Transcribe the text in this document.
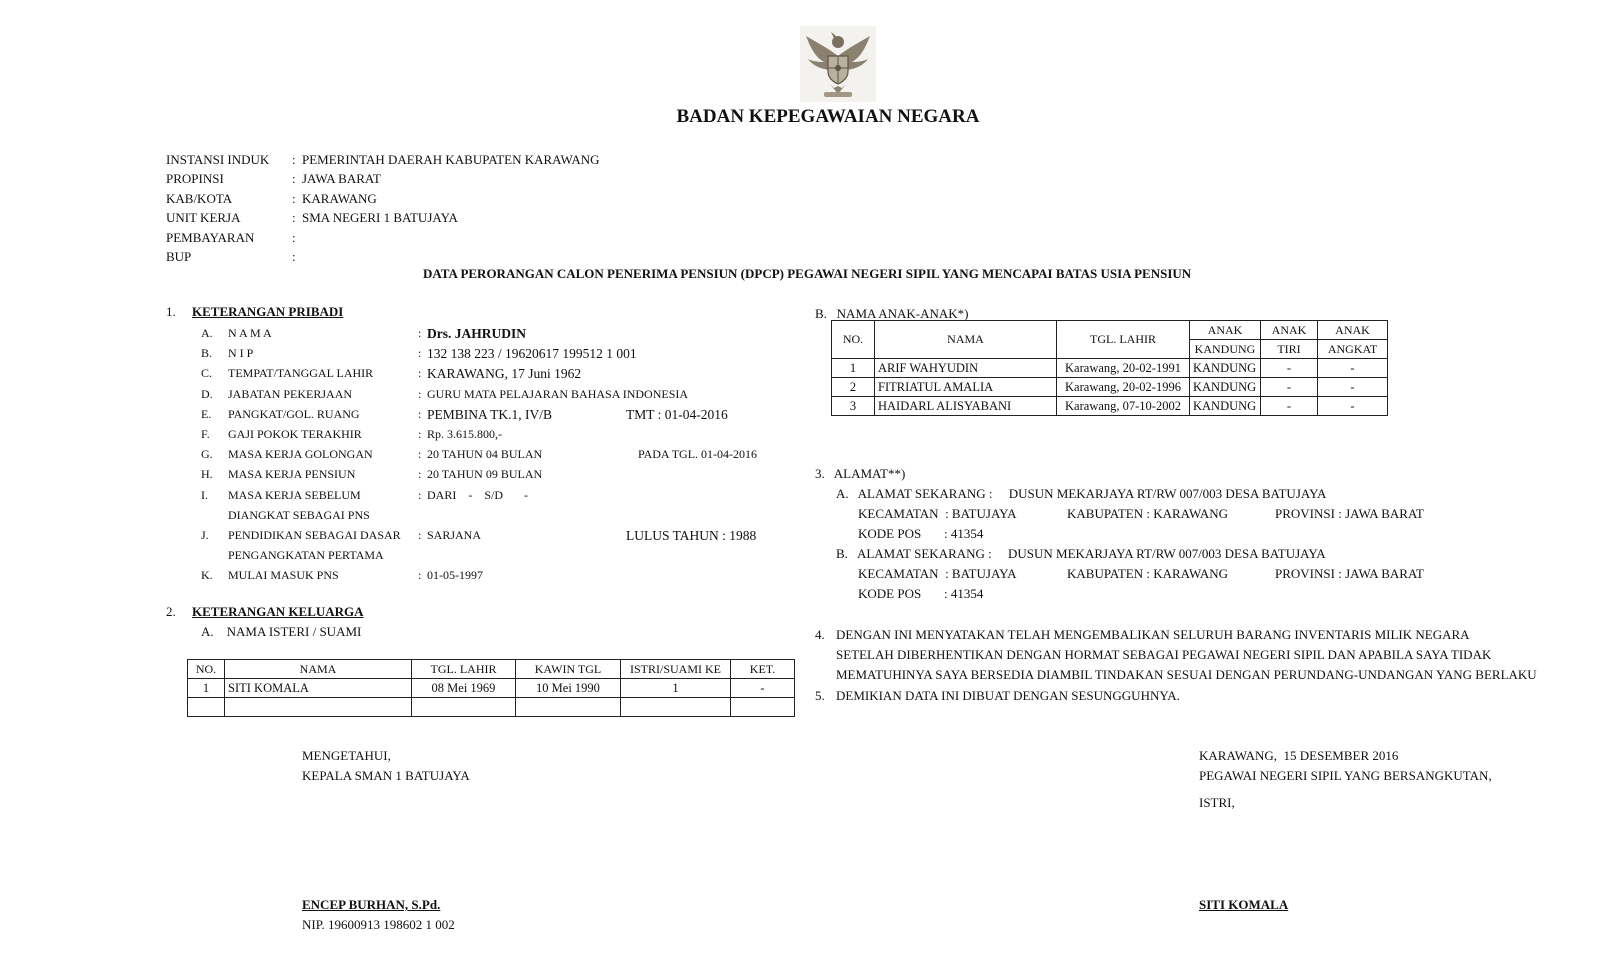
BADAN KEPEGAWAIAN NEGARA
INSTANSI INDUK : PEMERINTAH DAERAH KABUPATEN KARAWANG
PROPINSI	: JAWA BARAT
KAB/KOTA	: KARAWANG
UNIT KERJA	: SMA NEGERI 1 BATUJAYA
PEMBAYARAN	:
BUP	:
DATA PERORANGAN CALON PENERIMA PENSIUN (DPCP) PEGAWAI NEGERI SIPIL YANG MENCAPAI BATAS USIA PENSIUN
1. KETERANGAN PRIBADI
A. N A M A	: Drs. JAHRUDIN
B. N I P	: 132 138 223 / 19620617 199512 1 001
C. TEMPAT/TANGGAL LAHIR	: KARAWANG, 17 Juni 1962
D. JABATAN PEKERJAAN	: GURU MATA PELAJARAN BAHASA INDONESIA
E. PANGKAT/GOL. RUANG	: PEMBINA TK.1, IV/B	TMT : 01-04-2016
F. GAJI POKOK TERAKHIR	: Rp. 3.615.800,-
G. MASA KERJA GOLONGAN	: 20 TAHUN 04 BULAN	PADA TGL. 01-04-2016
H. MASA KERJA PENSIUN	: 20 TAHUN 09 BULAN
I. MASA KERJA SEBELUM	: DARI    -    S/D       -
DIANGKAT SEBAGAI PNS
J. PENDIDIKAN SEBAGAI DASAR : SARJANA	LULUS TAHUN : 1988
PENGANGKATAN PERTAMA
K. MULAI MASUK PNS	: 01-05-1997
2. KETERANGAN KELUARGA
A.    NAMA ISTERI / SUAMI
NO.	NAMA	TGL. LAHIR	KAWIN TGL	ISTRI/SUAMI KE	KET.
1	SITI KOMALA	08 Mei 1969	10 Mei 1990	1	-

B.   NAMA ANAK-ANAK*)
NO.	NAMA	TGL. LAHIR	ANAK	ANAK	ANAK
			KANDUNG	TIRI	ANGKAT
1	ARIF WAHYUDIN	Karawang, 20-02-1991	KANDUNG	-	-
2	FITRIATUL AMALIA	Karawang, 20-02-1996	KANDUNG	-	-
3	HAIDARL ALISYABANI	Karawang, 07-10-2002	KANDUNG	-	-
3.   ALAMAT**)
A.   ALAMAT SEKARANG :     DUSUN MEKARJAYA RT/RW 007/003 DESA BATUJAYA
KECAMATAN  : BATUJAYA	KABUPATEN : KARAWANG	PROVINSI : JAWA BARAT
KODE POS       : 41354
B.   ALAMAT SEKARANG :     DUSUN MEKARJAYA RT/RW 007/003 DESA BATUJAYA
KECAMATAN  : BATUJAYA	KABUPATEN : KARAWANG	PROVINSI : JAWA BARAT
KODE POS       : 41354
4. DENGAN INI MENYATAKAN TELAH MENGEMBALIKAN SELURUH BARANG INVENTARIS MILIK NEGARA
SETELAH DIBERHENTIKAN DENGAN HORMAT SEBAGAI PEGAWAI NEGERI SIPIL DAN APABILA SAYA TIDAK
MEMATUHINYA SAYA BERSEDIA DIAMBIL TINDAKAN SESUAI DENGAN PERUNDANG-UNDANGAN YANG BERLAKU
5. DEMIKIAN DATA INI DIBUAT DENGAN SESUNGGUHNYA.
MENGETAHUI,
KEPALA SMAN 1 BATUJAYA
ENCEP BURHAN, S.Pd.
NIP. 19600913 198602 1 002
KARAWANG,  15 DESEMBER 2016
PEGAWAI NEGERI SIPIL YANG BERSANGKUTAN,
ISTRI,
SITI KOMALA
